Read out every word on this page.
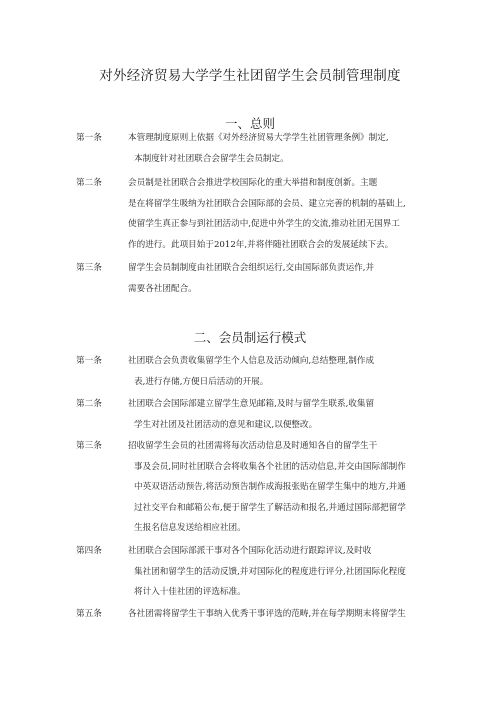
对外经济贸易大学学生社团留学生会员制管理制度
一、总则
第一条	本管理制度原则上依据《对外经济贸易大学学生社团管理条例》制定,
本制度针对社团联合会留学生会员制定。
第二条	会员制是社团联合会推进学校国际化的重大举措和制度创新。主题
是在将留学生吸纳为社团联合会国际部的会员、建立完善的机制的基础上,
使留学生真正参与到社团活动中,促进中外学生的交流,推动社团无国界工
作的进行。此项目始于2012年,并将伴随社团联合会的发展延续下去。
第三条	留学生会员制制度由社团联合会组织运行,交由国际部负责运作,并
需要各社团配合。
二、会员制运行模式
第一条	社团联合会负责收集留学生个人信息及活动倾向,总结整理,制作成
表,进行存储,方便日后活动的开展。
第二条	社团联合会国际部建立留学生意见邮箱,及时与留学生联系,收集留
学生对社团及社团活动的意见和建议,以便整改。
第三条	招收留学生会员的社团需将每次活动信息及时通知各自的留学生干
事及会员,同时社团联合会将收集各个社团的活动信息,并交由国际部制作
中英双语活动预告,将活动预告制作成海报张贴在留学生集中的地方,并通
过社交平台和邮箱公布,便于留学生了解活动和报名,并通过国际部把留学
生报名信息发送给相应社团。
第四条	社团联合会国际部派干事对各个国际化活动进行跟踪评议,及时收
集社团和留学生的活动反馈,并对国际化的程度进行评分,社团国际化程度
将计入十佳社团的评选标准。
第五条	各社团需将留学生干事纳入优秀干事评选的范畴,并在每学期期末将留学生
